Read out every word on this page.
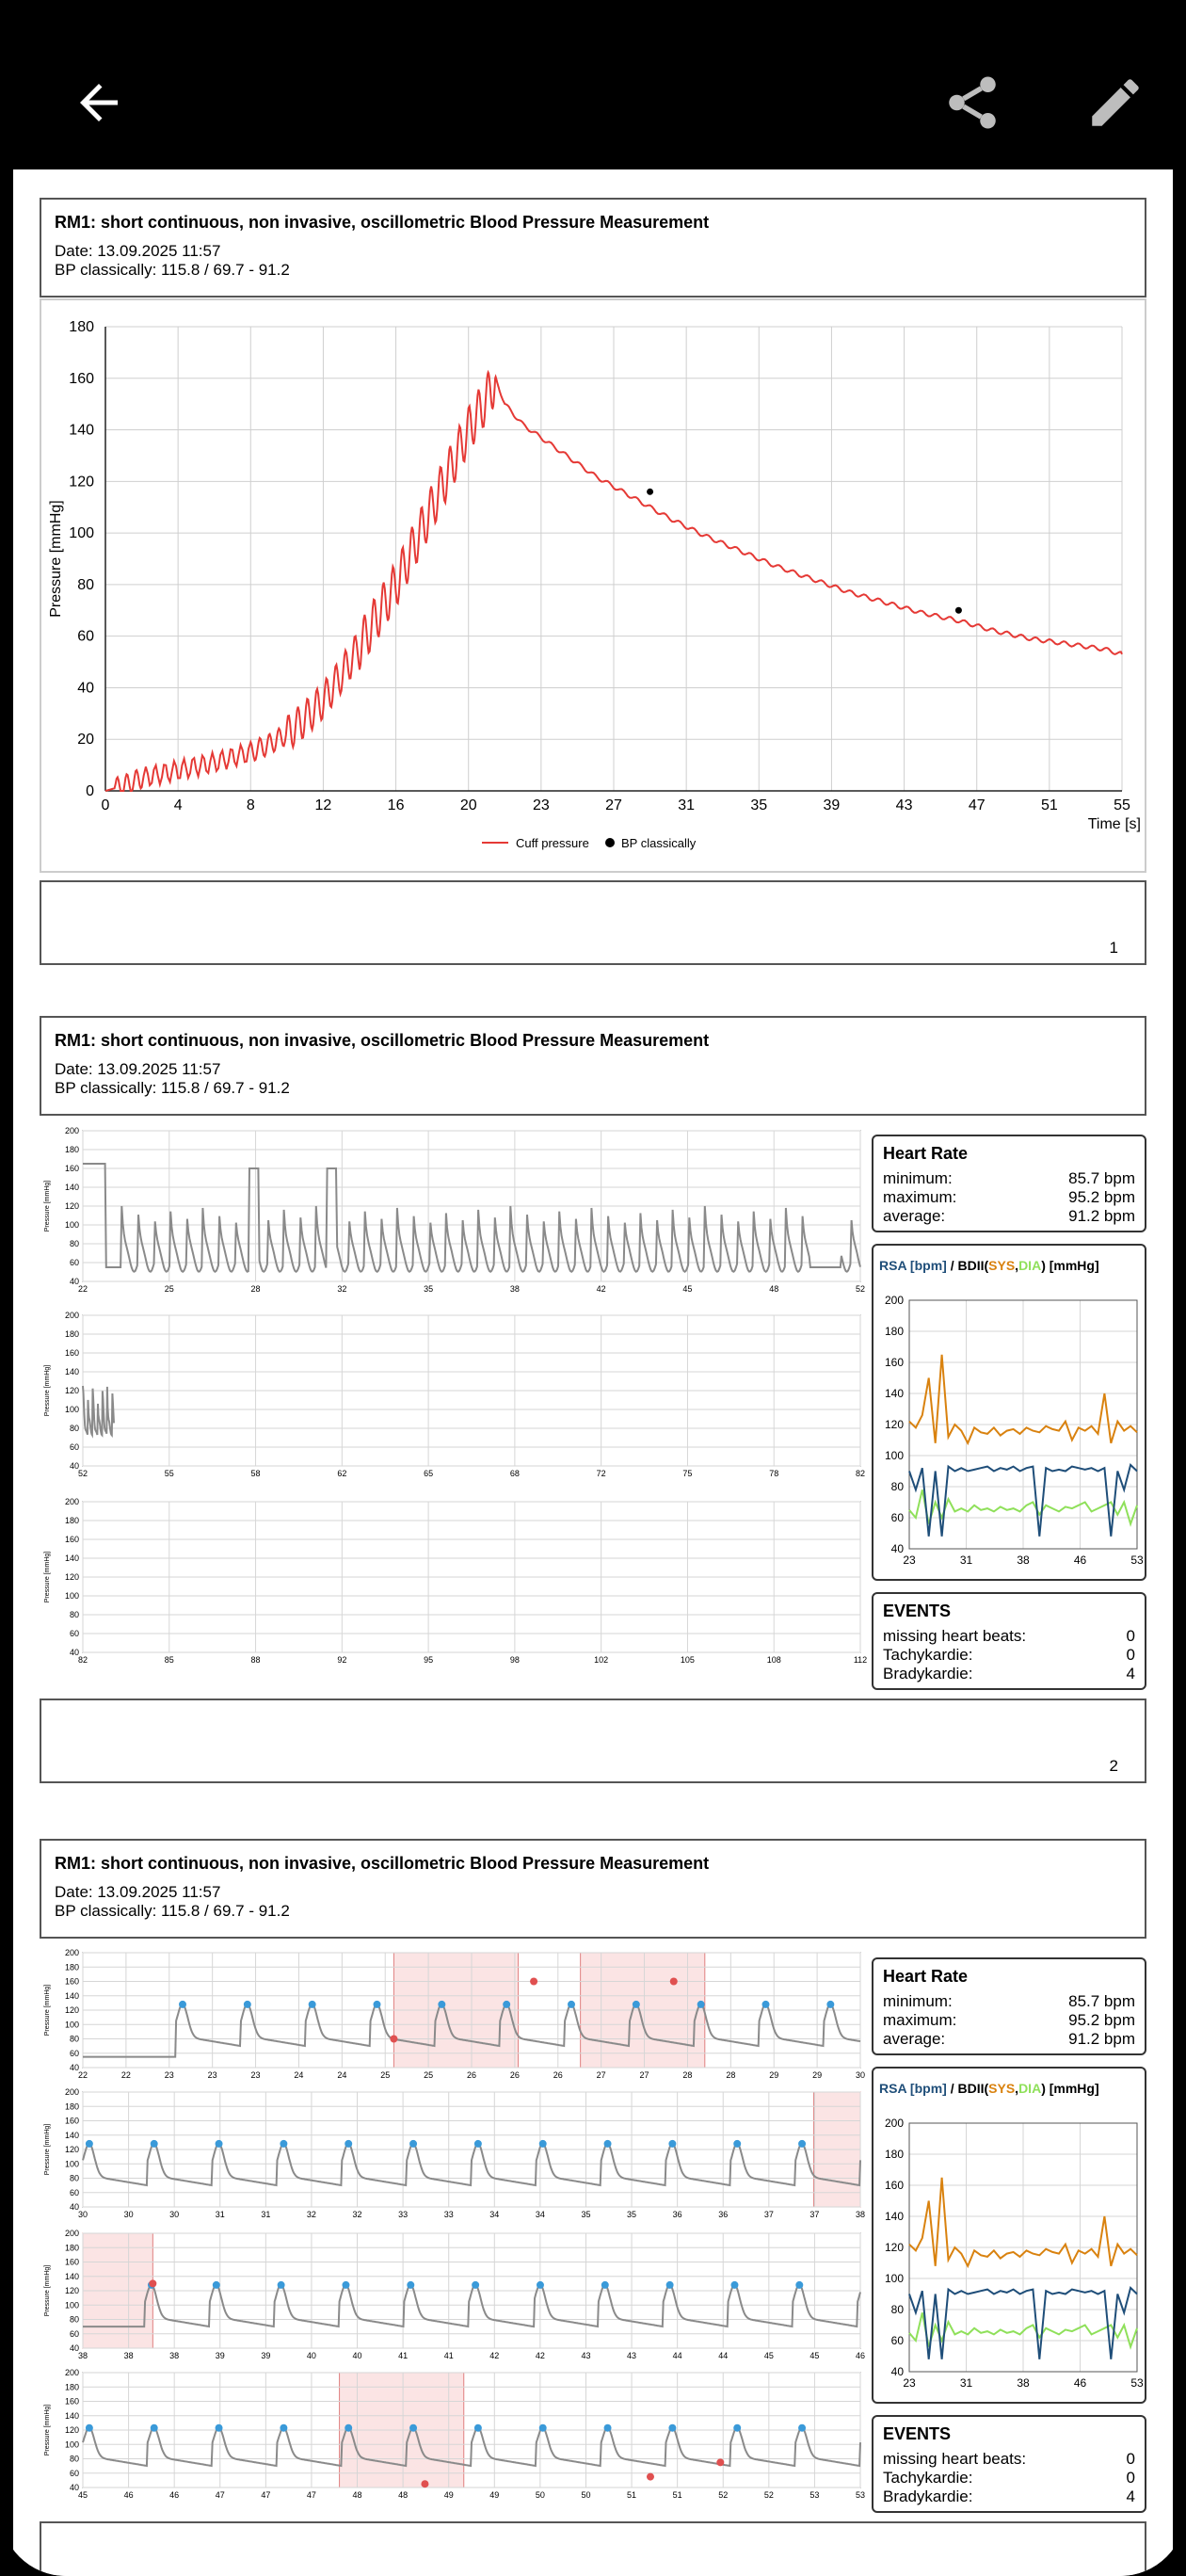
RM1: short continuous, non invasive, oscillometric Blood Pressure Measurement
Date: 13.09.2025 11:57
BP classically: 115.8 / 69.7 - 91.2
0	4	8	12	16	20	23	27	31	35	39	43	47	51	55
0
20
40
60
80
100
120
140
160
180
Time [s]
Pressure [mmHg]
Cuff pressure	BP classically
1
RM1: short continuous, non invasive, oscillometric Blood Pressure Measurement
Date: 13.09.2025 11:57
BP classically: 115.8 / 69.7 - 91.2
22	25	28	32	35	38	42	45	48	52
40
60
80
100
120
140
160
180
200
Pressure [mmHg]
52	55	58	62	65	68	72	75	78	82
40
60
80
100
120
140
160
180
200
Pressure [mmHg]
82	85	88	92	95	98	102	105	108	112
40
60
80
100
120
140
160
180
200
Pressure [mmHg]
Heart Rate
minimum:	85.7 bpm
maximum:	95.2 bpm
average:	91.2 bpm
RSA [bpm] / BDII(SYS,DIA) [mmHg]
40
60
80
100
120
140
160
180
200
23	31	38	46	53
EVENTS
missing heart beats:	0
Tachykardie:	0
Bradykardie:	4
2
RM1: short continuous, non invasive, oscillometric Blood Pressure Measurement
Date: 13.09.2025 11:57
BP classically: 115.8 / 69.7 - 91.2
22	22	23	23	23	24	24	25	25	26	26	26	27	27	28	28	29	29	30
40
60
80
100
120
140
160
180
200
Pressure [mmHg]
30	30	30	31	31	32	32	33	33	34	34	35	35	36	36	37	37	38
40
60
80
100
120
140
160
180
200
Pressure [mmHg]
38	38	38	39	39	40	40	41	41	42	42	43	43	44	44	45	45	46
40
60
80
100
120
140
160
180
200
Pressure [mmHg]
45	46	46	47	47	47	48	48	49	49	50	50	51	51	52	52	53	53
40
60
80
100
120
140
160
180
200
Pressure [mmHg]
Heart Rate
minimum:	85.7 bpm
maximum:	95.2 bpm
average:	91.2 bpm
RSA [bpm] / BDII(SYS,DIA) [mmHg]
40
60
80
100
120
140
160
180
200
23	31	38	46	53
EVENTS
missing heart beats:	0
Tachykardie:	0
Bradykardie:	4
